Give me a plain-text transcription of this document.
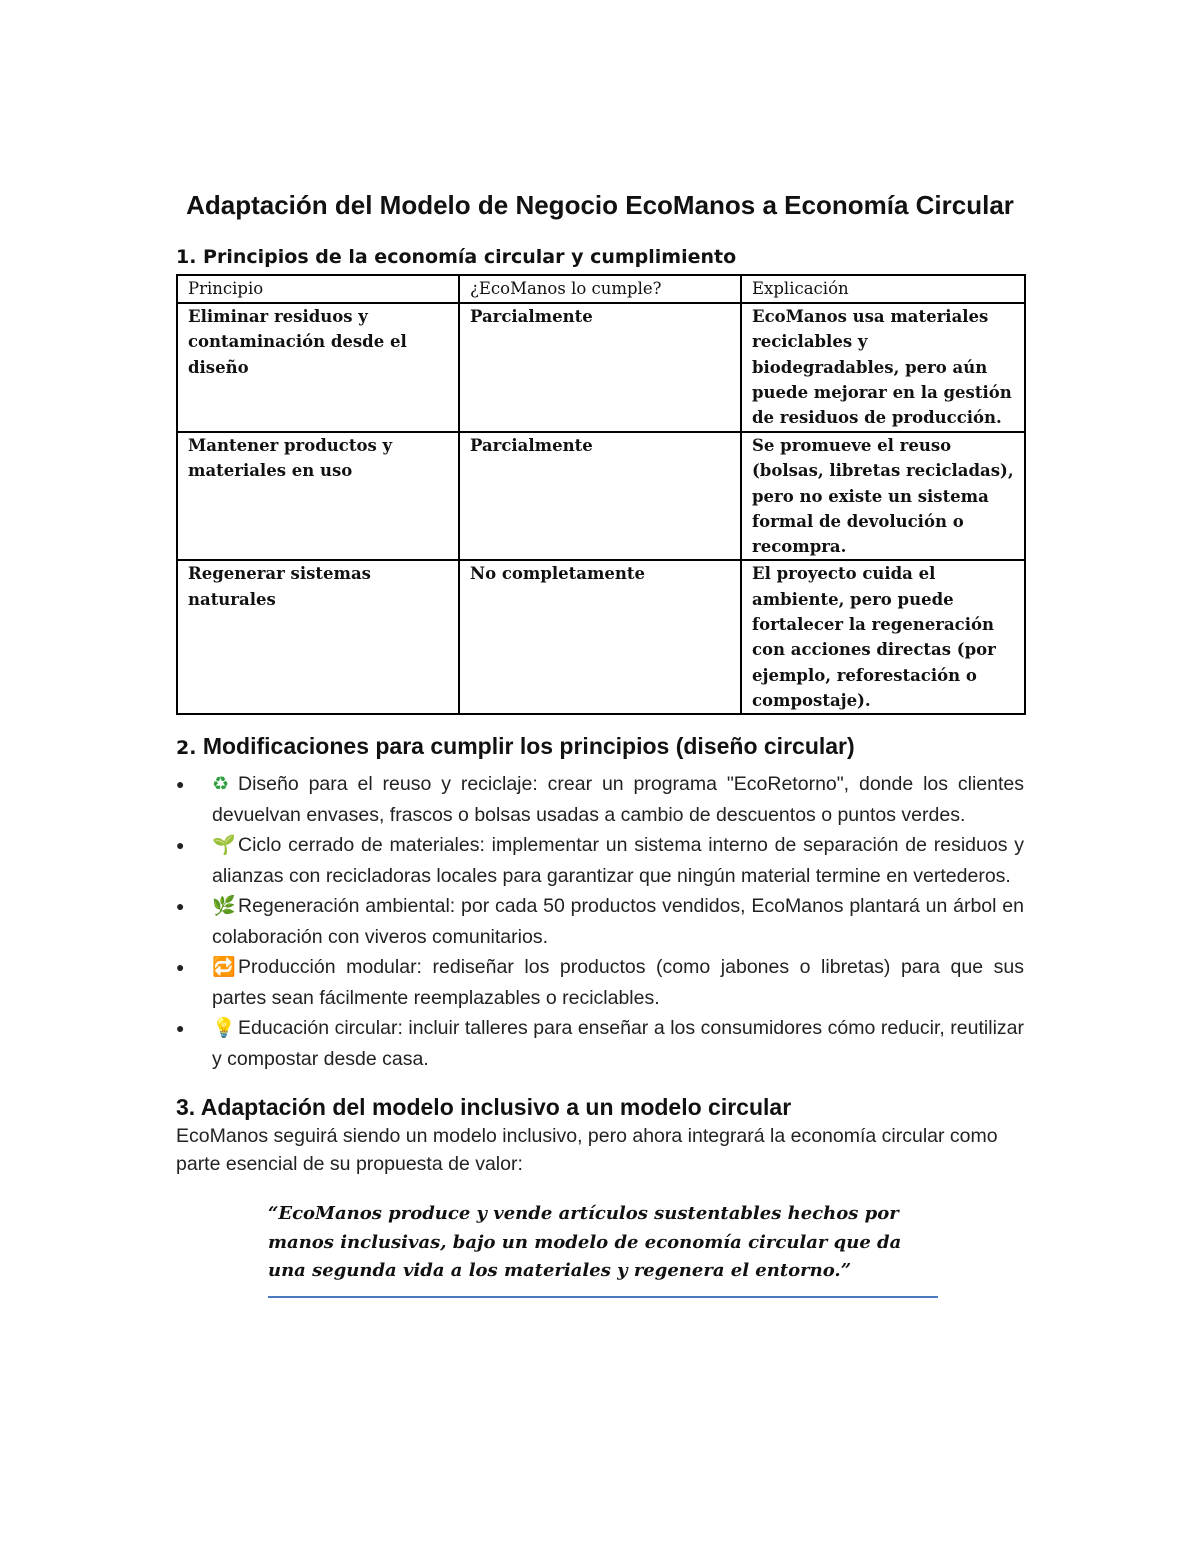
Adaptación del Modelo de Negocio EcoManos a Economía Circular
1. Principios de la economía circular y cumplimiento
Principio	¿EcoManos lo cumple?	Explicación
Eliminar residuos y contaminación desde el diseño	Parcialmente	EcoManos usa materiales reciclables y biodegradables, pero aún puede mejorar en la gestión de residuos de producción.
Mantener productos y materiales en uso	Parcialmente	Se promueve el reuso (bolsas, libretas recicladas), pero no existe un sistema formal de devolución o recompra.
Regenerar sistemas naturales	No completamente	El proyecto cuida el ambiente, pero puede fortalecer la regeneración con acciones directas (por ejemplo, reforestación o compostaje).
2. Modificaciones para cumplir los principios (diseño circular)
● ♻ Diseño para el reuso y reciclaje: crear un programa "EcoRetorno", donde los clientes devuelvan envases, frascos o bolsas usadas a cambio de descuentos o puntos verdes.
● 🌱 Ciclo cerrado de materiales: implementar un sistema interno de separación de residuos y alianzas con recicladoras locales para garantizar que ningún material termine en vertederos.
● 🌿 Regeneración ambiental: por cada 50 productos vendidos, EcoManos plantará un árbol en colaboración con viveros comunitarios.
● 🔁 Producción modular: rediseñar los productos (como jabones o libretas) para que sus partes sean fácilmente reemplazables o reciclables.
● 💡 Educación circular: incluir talleres para enseñar a los consumidores cómo reducir, reutilizar y compostar desde casa.
3. Adaptación del modelo inclusivo a un modelo circular

EcoManos seguirá siendo un modelo inclusivo, pero ahora integrará la economía circular como parte esencial de su propuesta de valor:

“EcoManos produce y vende artículos sustentables hechos por manos inclusivas, bajo un modelo de economía circular que da una segunda vida a los materiales y regenera el entorno.”
